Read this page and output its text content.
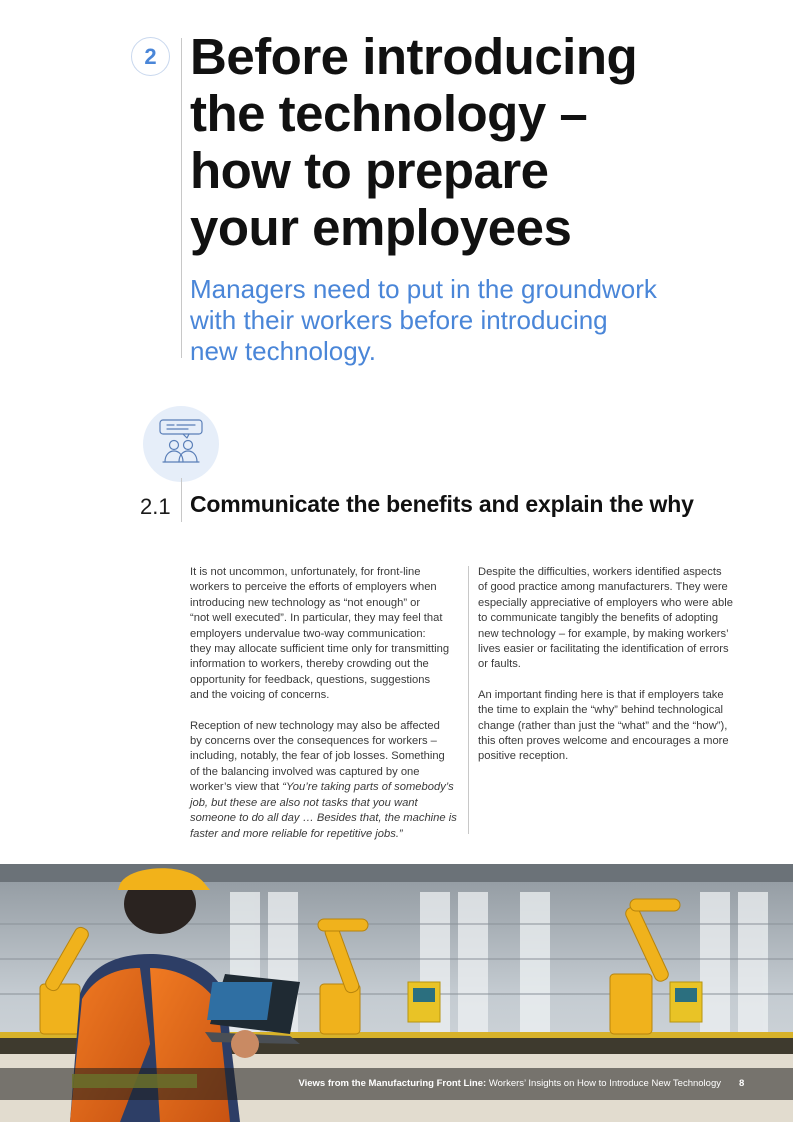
2 Before introducing
the technology –
how to prepare
your employees

Managers need to put in the groundwork
with their workers before introducing
new technology.

2.1 Communicate the benefits and explain the why

It is not uncommon, unfortunately, for front-line
workers to perceive the efforts of employers when
introducing new technology as “not enough” or
“not well executed”. In particular, they may feel that
employers undervalue two-way communication:
they may allocate sufficient time only for transmitting
information to workers, thereby crowding out the
opportunity for feedback, questions, suggestions
and the voicing of concerns.

Reception of new technology may also be affected
by concerns over the consequences for workers –
including, notably, the fear of job losses. Something
of the balancing involved was captured by one
worker’s view that “You’re taking parts of somebody’s
job, but these are also not tasks that you want someone to do all day … Besides that, the machine is faster and more reliable for repetitive jobs.”

Despite the difficulties, workers identified aspects
of good practice among manufacturers. They were
especially appreciative of employers who were able
to communicate tangibly the benefits of adopting
new technology – for example, by making workers’
lives easier or facilitating the identification of errors
or faults.

An important finding here is that if employers take
the time to explain the “why” behind technological
change (rather than just the “what” and the “how”),
this often proves welcome and encourages a more
positive reception.

Views from the Manufacturing Front Line: Workers’ Insights on How to Introduce New Technology 8
